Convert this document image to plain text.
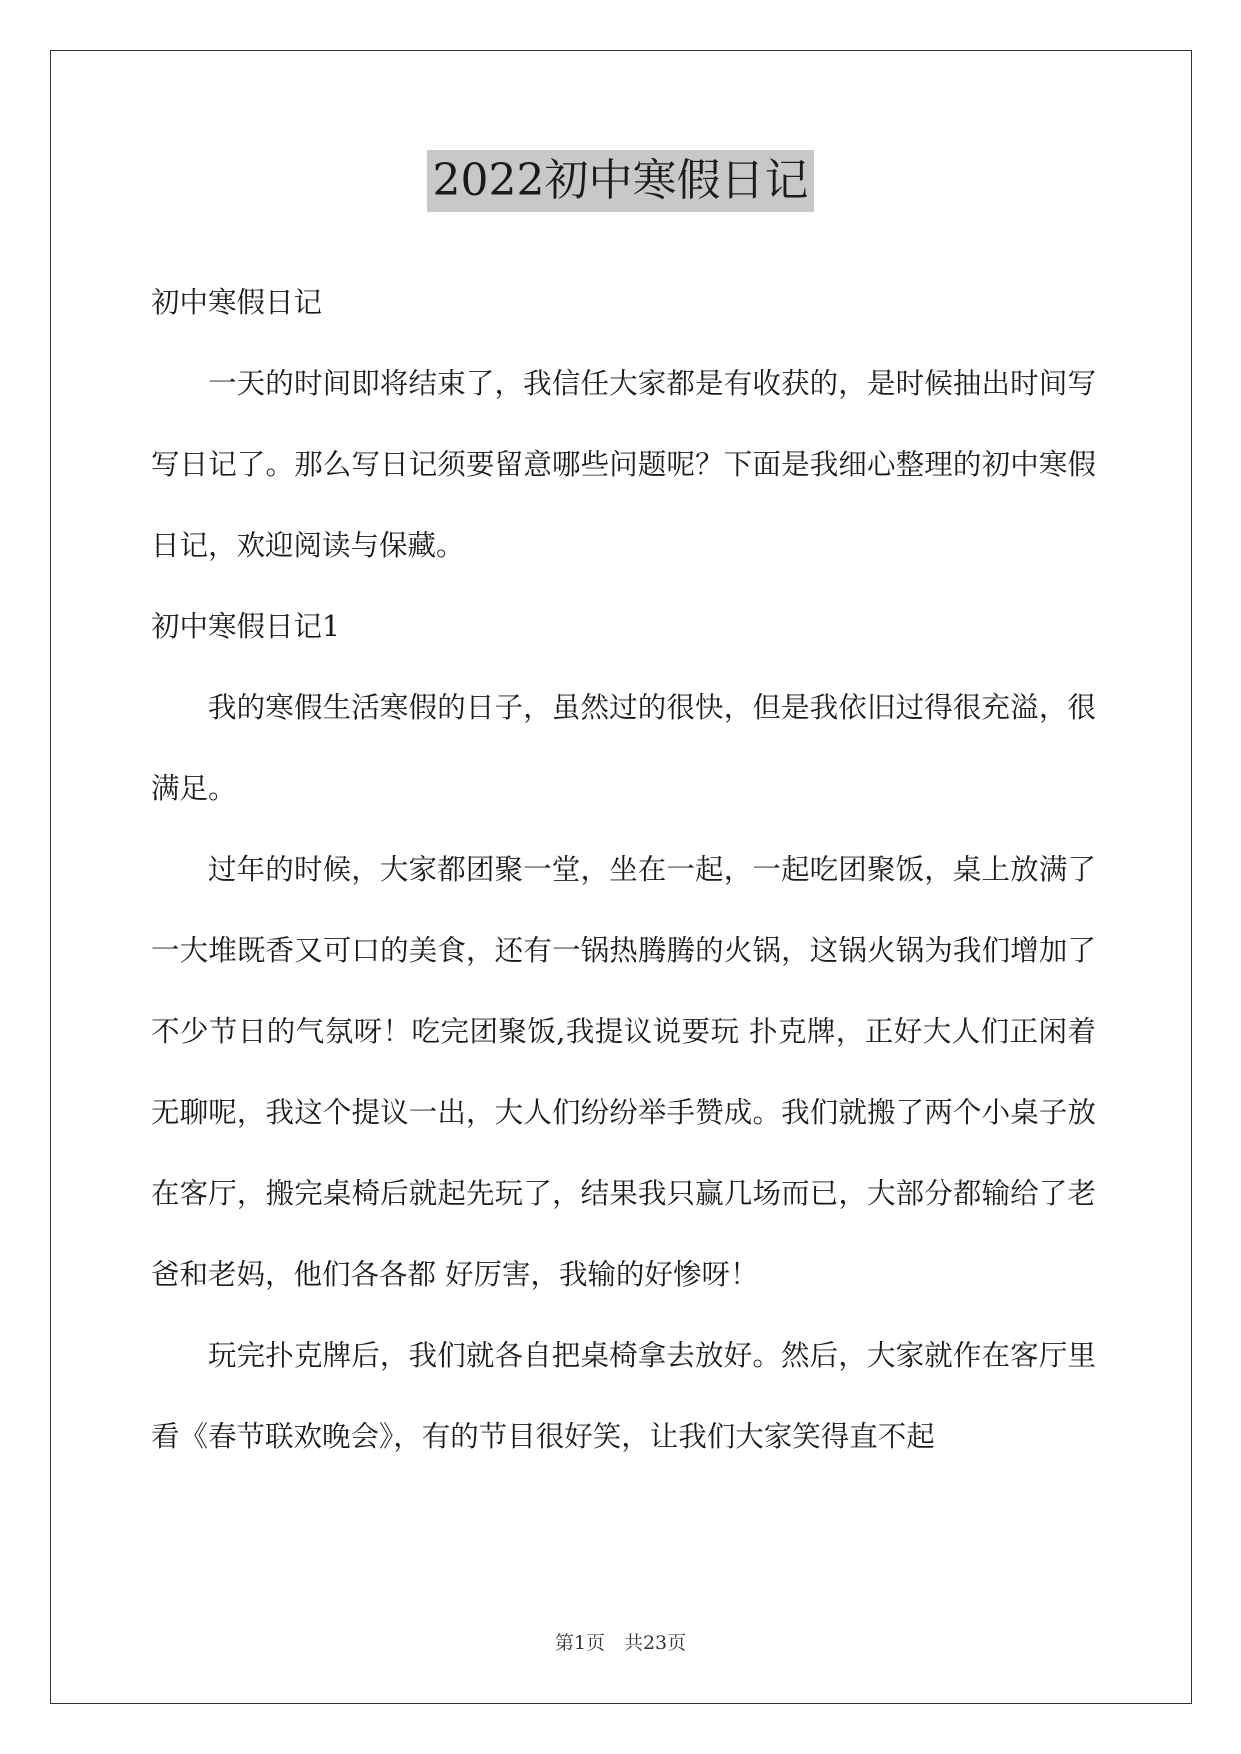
2022初中寒假日记

初中寒假日记

一天的时间即将结束了，我信任大家都是有收获的，是时候抽出时间写写日记了。那么写日记须要留意哪些问题呢？下面是我细心整理的初中寒假日记，欢迎阅读与保藏。

初中寒假日记1

我的寒假生活寒假的日子，虽然过的很快，但是我依旧过得很充溢，很满足。

过年的时候，大家都团聚一堂，坐在一起，一起吃团聚饭，桌上放满了一大堆既香又可口的美食，还有一锅热腾腾的火锅，这锅火锅为我们增加了不少节日的气氛呀！吃完团聚饭,我提议说要玩 扑克牌，正好大人们正闲着无聊呢，我这个提议一出，大人们纷纷举手赞成。我们就搬了两个小桌子放在客厅，搬完桌椅后就起先玩了，结果我只赢几场而已，大部分都输给了老爸和老妈，他们各各都 好厉害，我输的好惨呀！

玩完扑克牌后，我们就各自把桌椅拿去放好。然后，大家就作在客厅里看《春节联欢晚会》，有的节目很好笑，让我们大家笑得直不起

第1页　共23页
